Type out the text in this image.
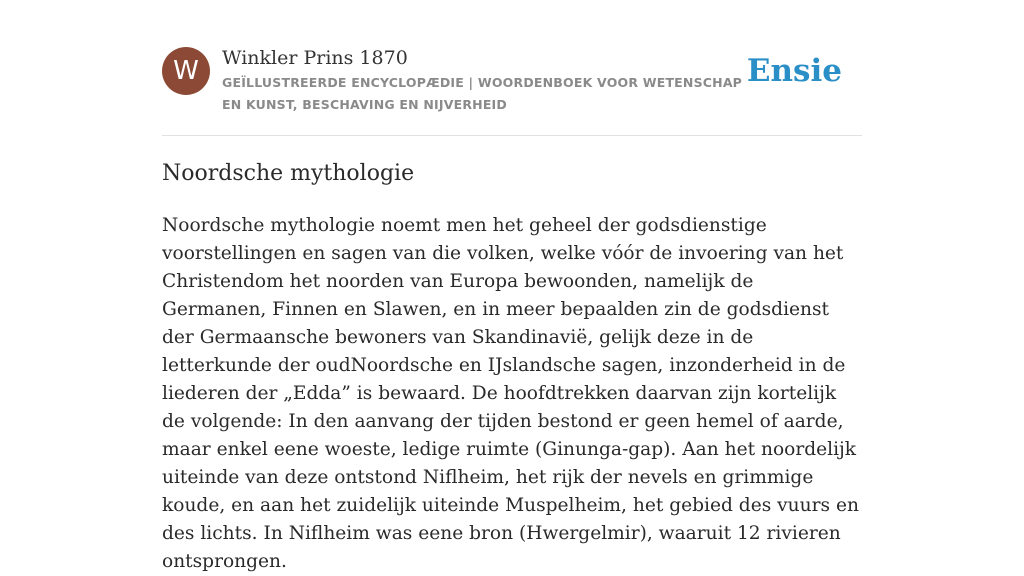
W	Winkler Prins 1870
GEÏLLUSTREERDE ENCYCLOPÆDIE | WOORDENBOEK VOOR WETENSCHAP EN KUNST, BESCHAVING EN NIJVERHEID
Ensie
Noordsche mythologie

Noordsche mythologie noemt men het geheel der godsdienstige voorstellingen en sagen van die volken, welke vóór de invoering van het Christendom het noorden van Europa bewoonden, namelijk de Germanen, Finnen en Slawen, en in meer bepaalden zin de godsdienst der Germaansche bewoners van Skandinavië, gelijk deze in de letterkunde der oudNoordsche en IJslandsche sagen, inzonderheid in de liederen der „Edda” is bewaard. De hoofdtrekken daarvan zijn kortelijk de volgende: In den aanvang der tijden bestond er geen hemel of aarde, maar enkel eene woeste, ledige ruimte (Ginunga-gap). Aan het noordelijk uiteinde van deze ontstond Niflheim, het rijk der nevels en grimmige koude, en aan het zuidelijk uiteinde Muspelheim, het gebied des vuurs en des lichts. In Niflheim was eene bron (Hwergelmir), waaruit 12 rivieren ontsprongen.
